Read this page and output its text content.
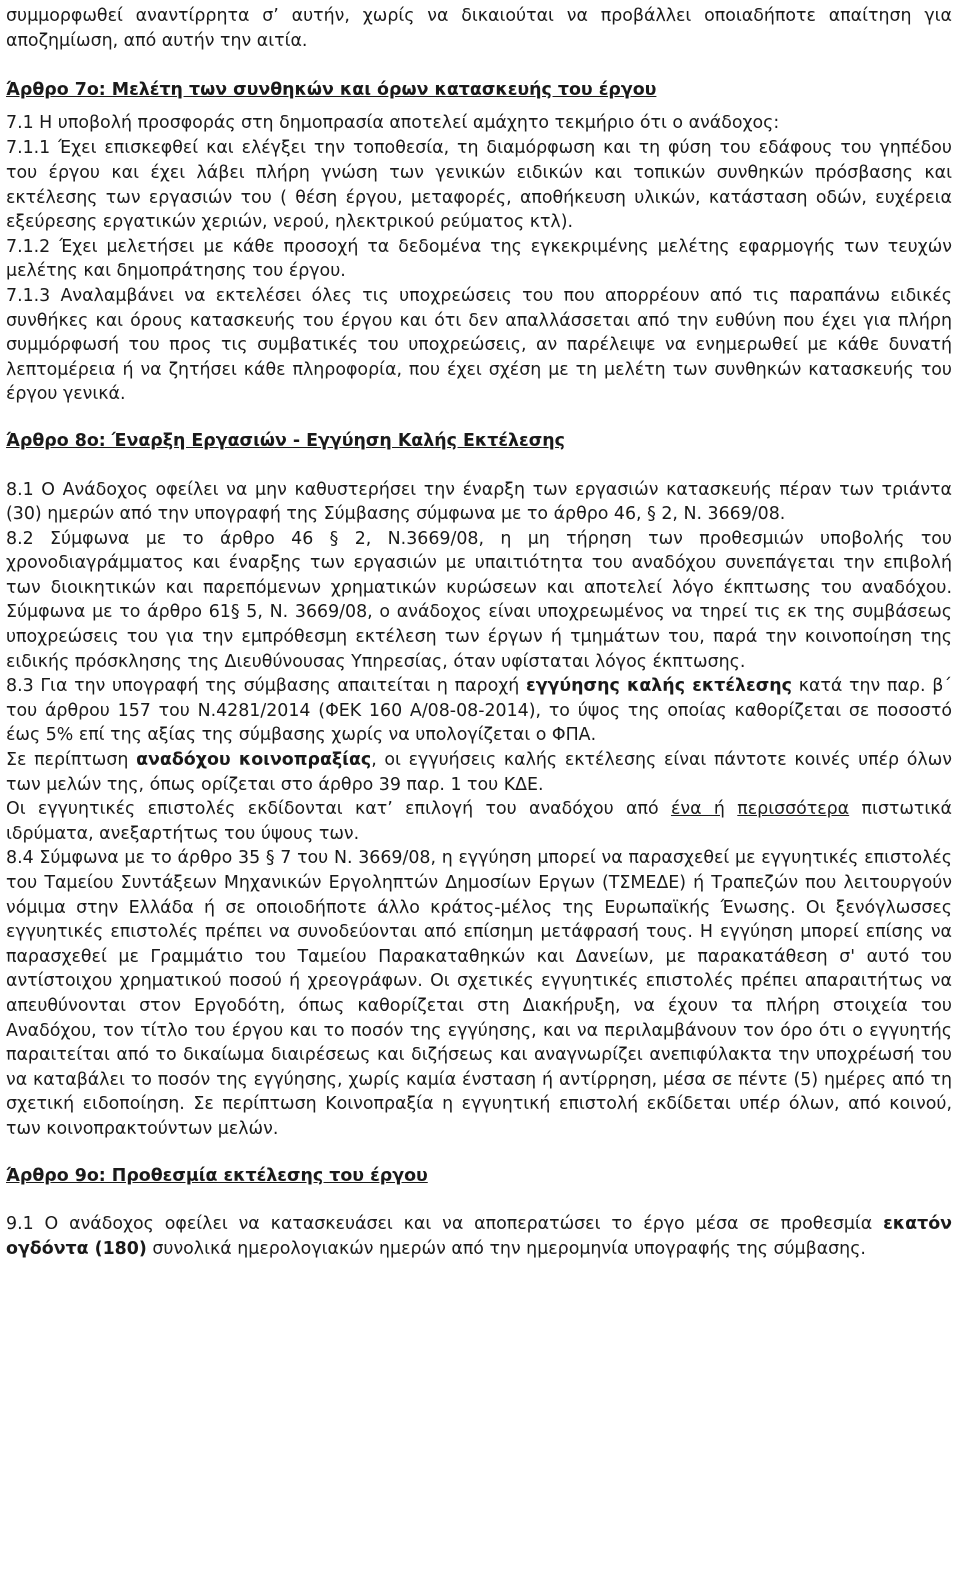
συμμορφωθεί αναντίρρητα σ’ αυτήν, χωρίς να δικαιούται να προβάλλει οποιαδήποτε απαίτηση για αποζημίωση, από αυτήν την αιτία.

Άρθρο 7ο: Μελέτη των συνθηκών και όρων κατασκευής του έργου

7.1 Η υποβολή προσφοράς στη δημοπρασία αποτελεί αμάχητο τεκμήριο ότι ο ανάδοχος:

7.1.1 Έχει επισκεφθεί και ελέγξει την τοποθεσία, τη διαμόρφωση και τη φύση του εδάφους του γηπέδου του έργου και έχει λάβει πλήρη γνώση των γενικών ειδικών και τοπικών συνθηκών πρόσβασης και εκτέλεσης των εργασιών του ( θέση έργου, μεταφορές, αποθήκευση υλικών, κατάσταση οδών, ευχέρεια εξεύρεσης εργατικών χεριών, νερού, ηλεκτρικού ρεύματος κτλ).

7.1.2 Έχει μελετήσει με κάθε προσοχή τα δεδομένα της εγκεκριμένης μελέτης εφαρμογής των τευχών μελέτης και δημοπράτησης του έργου.

7.1.3 Αναλαμβάνει να εκτελέσει όλες τις υποχρεώσεις του που απορρέουν από τις παραπάνω ειδικές συνθήκες και όρους κατασκευής του έργου και ότι δεν απαλλάσσεται από την ευθύνη που έχει για πλήρη συμμόρφωσή του προς τις συμβατικές του υποχρεώσεις, αν παρέλειψε να ενημερωθεί με κάθε δυνατή λεπτομέρεια ή να ζητήσει κάθε πληροφορία, που έχει σχέση με τη μελέτη των συνθηκών κατασκευής του έργου γενικά.

Άρθρο 8ο: Έναρξη Εργασιών - Εγγύηση Καλής Εκτέλεσης

8.1 Ο Ανάδοχος οφείλει να μην καθυστερήσει την έναρξη των εργασιών κατασκευής πέραν των τριάντα (30) ημερών από την υπογραφή της Σύμβασης σύμφωνα με το άρθρο 46, § 2, Ν. 3669/08.

8.2 Σύμφωνα με το άρθρο 46 § 2, Ν.3669/08, η μη τήρηση των προθεσμιών υποβολής του χρονοδιαγράμματος και έναρξης των εργασιών με υπαιτιότητα του αναδόχου συνεπάγεται την επιβολή των διοικητικών και παρεπόμενων χρηματικών κυρώσεων και αποτελεί λόγο έκπτωσης του αναδόχου. Σύμφωνα με το άρθρο 61§ 5, Ν. 3669/08, ο ανάδοχος είναι υποχρεωμένος να τηρεί τις εκ της συμβάσεως υποχρεώσεις του για την εμπρόθεσμη εκτέλεση των έργων ή τμημάτων του, παρά την κοινοποίηση της ειδικής πρόσκλησης της Διευθύνουσας Υπηρεσίας, όταν υφίσταται λόγος έκπτωσης.

8.3 Για την υπογραφή της σύμβασης απαιτείται η παροχή εγγύησης καλής εκτέλεσης κατά την παρ. β΄ του άρθρου 157 του Ν.4281/2014 (ΦΕΚ 160 Α/08-08-2014), το ύψος της οποίας καθορίζεται σε ποσοστό έως 5% επί της αξίας της σύμβασης χωρίς να υπολογίζεται ο ΦΠΑ.

Σε περίπτωση αναδόχου κοινοπραξίας, οι εγγυήσεις καλής εκτέλεσης είναι πάντοτε κοινές υπέρ όλων των μελών της, όπως ορίζεται στο άρθρο 39 παρ. 1 του ΚΔΕ.

Οι εγγυητικές επιστολές εκδίδονται κατ’ επιλογή του αναδόχου από ένα ή περισσότερα πιστωτικά ιδρύματα, ανεξαρτήτως του ύψους των.

8.4 Σύμφωνα με το άρθρο 35 § 7 του Ν. 3669/08, η εγγύηση μπορεί να παρασχεθεί με εγγυητικές επιστολές του Ταμείου Συντάξεων Μηχανικών Εργοληπτών Δημοσίων Εργων (ΤΣΜΕΔΕ) ή Τραπεζών που λειτουργούν νόμιμα στην Ελλάδα ή σε οποιοδήποτε άλλο κράτος-μέλος της Ευρωπαϊκής Ένωσης. Οι ξενόγλωσσες εγγυητικές επιστολές πρέπει να συνοδεύονται από επίσημη μετάφρασή τους. Η εγγύηση μπορεί επίσης να παρασχεθεί με Γραμμάτιο του Ταμείου Παρακαταθηκών και Δανείων, με παρακατάθεση σ' αυτό του αντίστοιχου χρηματικού ποσού ή χρεογράφων. Οι σχετικές εγγυητικές επιστολές πρέπει απαραιτήτως να απευθύνονται στον Εργοδότη, όπως καθορίζεται στη Διακήρυξη, να έχουν τα πλήρη στοιχεία του Αναδόχου, τον τίτλο του έργου και το ποσόν της εγγύησης, και να περιλαμβάνουν τον όρο ότι ο εγγυητής παραιτείται από το δικαίωμα διαιρέσεως και διζήσεως και αναγνωρίζει ανεπιφύλακτα την υποχρέωσή του να καταβάλει το ποσόν της εγγύησης, χωρίς καμία ένσταση ή αντίρρηση, μέσα σε πέντε (5) ημέρες από τη σχετική ειδοποίηση. Σε περίπτωση Κοινοπραξία η εγγυητική επιστολή εκδίδεται υπέρ όλων, από κοινού, των κοινοπρακτούντων μελών.

Άρθρο 9ο: Προθεσμία εκτέλεσης του έργου

9.1 Ο ανάδοχος οφείλει να κατασκευάσει και να αποπερατώσει το έργο μέσα σε προθεσμία εκατόν ογδόντα (180) συνολικά ημερολογιακών ημερών από την ημερομηνία υπογραφής της σύμβασης.
